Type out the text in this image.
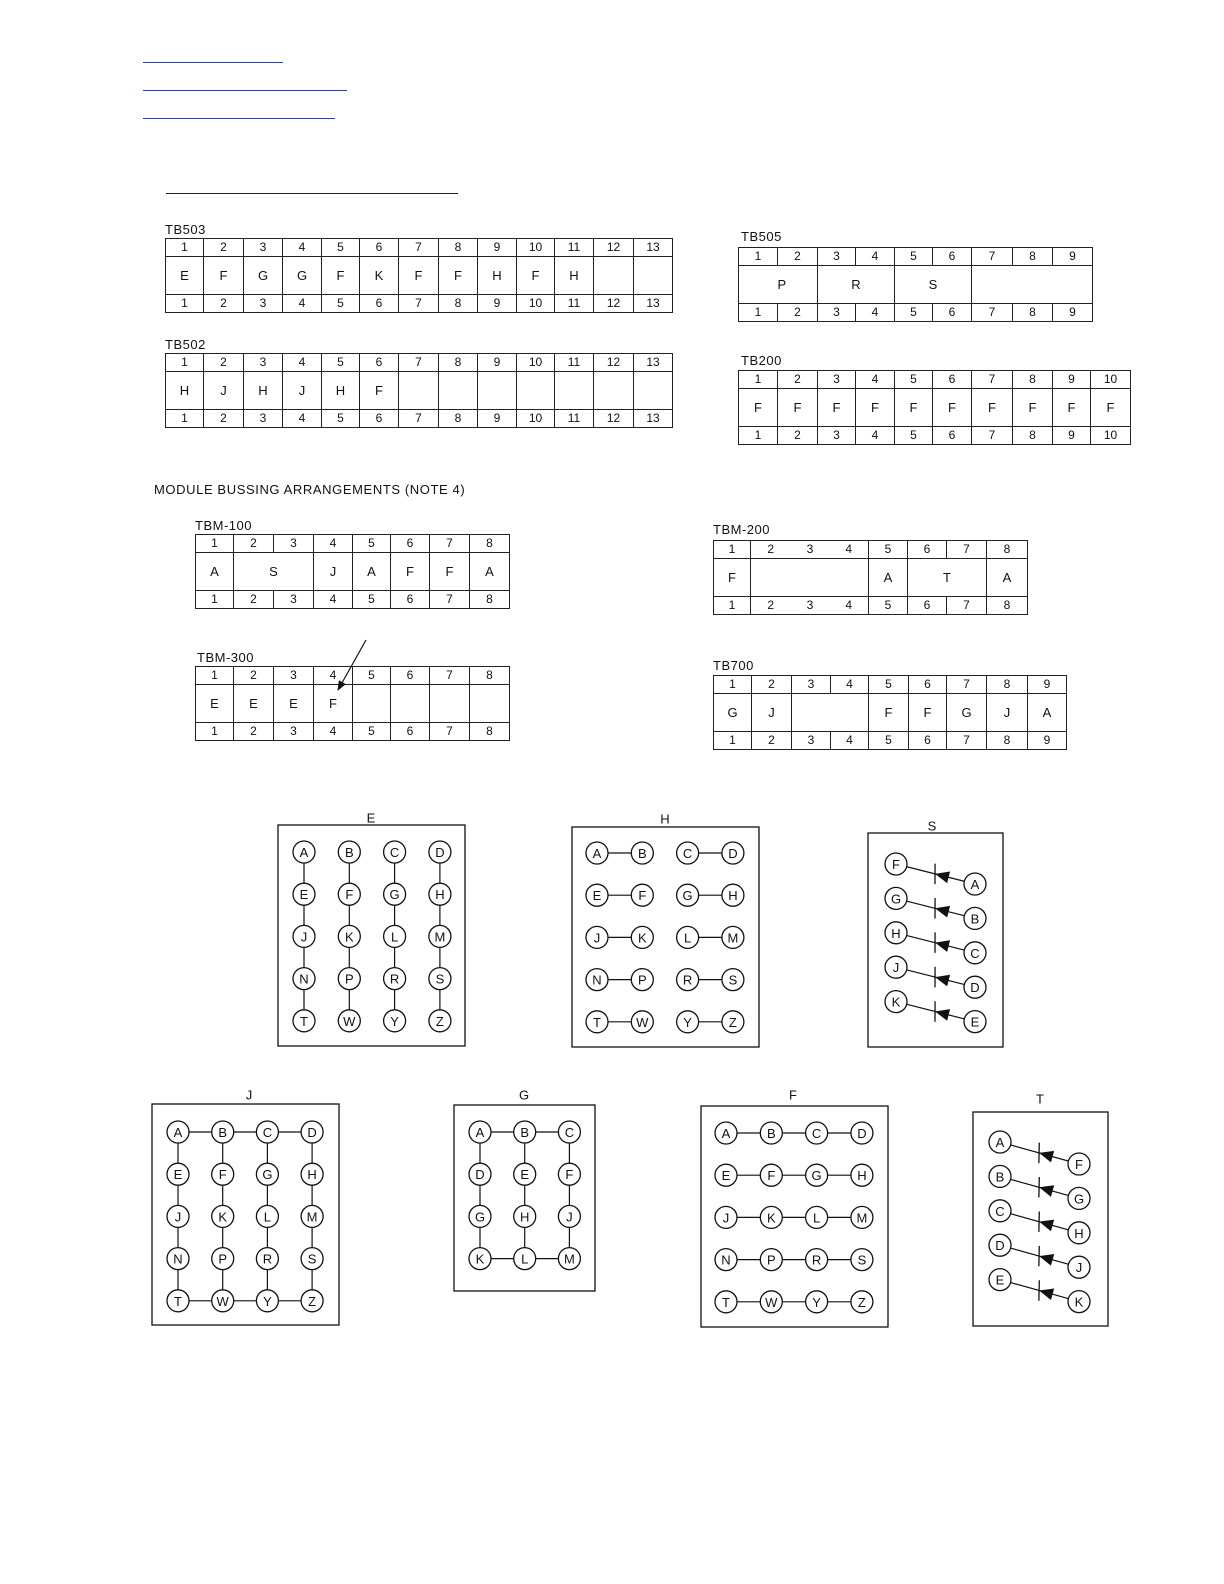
TB503
1	2	3	4	5	6	7	8	9	10	11	12	13
E	F	G	G	F	K	F	F	H	F	H		
1	2	3	4	5	6	7	8	9	10	11	12	13
TB502
1	2	3	4	5	6	7	8	9	10	11	12	13
H	J	H	J	H	F							
1	2	3	4	5	6	7	8	9	10	11	12	13
TB505
1	2	3	4	5	6	7	8	9
	P	R		S				
1	2	3	4	5	6	7	8	9
TB200
1	2	3	4	5	6	7	8	9	10
F	F	F	F	F	F	F	F	F	F
1	2	3	4	5	6	7	8	9	10
MODULE BUSSING ARRANGEMENTS (NOTE 4)
TBM-100
1	2	3	4	5	6	7	8
A	S		J	A	F	F	A
1	2	3	4	5	6	7	8
TBM-200
1	2	3	4	5	6	7	8
F				A	T		A
1	2	3	4	5	6	7	8
TBM-300
1	2	3	4	5	6	7	8
E	E	E	F				
1	2	3	4	5	6	7	8
TB700
1	2	3	4	5	6	7	8	9
G	J			F	F	G	J	A
1	2	3	4	5	6	7	8	9
E
A	B	C	D
E	F	G	H
J	K	L	M
N	P	R	S
T	W	Y	Z
H
A	B	C	D
E	F	G	H
J	K	L	M
N	P	R	S
T	W	Y	Z
J
A	B	C	D
E	F	G	H
J	K	L	M
N	P	R	S
T	W	Y	Z
G
A	B	C
D	E	F
G	H	J
K	L	M
F
A	B	C	D
E	F	G	H
J	K	L	M
N	P	R	S
T	W	Y	Z
S
F
A
G
B
H
C
J
D
K
E
T
A
F
B
G
C
H
D
J
E
K
